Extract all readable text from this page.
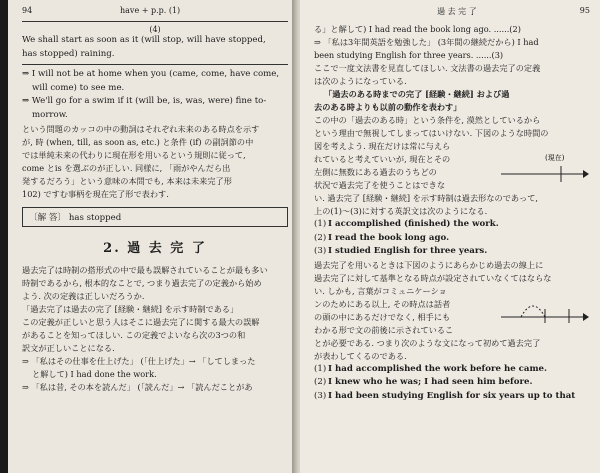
94	have + p.p. (1)
(4)
We shall start as soon as it (will stop, will have stopped,
has stopped) raining.
⇒ I will not be at home when you (came, come, have come,
will come) to see me.
⇒ We'll go for a swim if it (will be, is, was, were) fine to-
morrow.
という問題のカッコの中の動詞はそれぞれ未来のある時点を示す
が, 時 (when, till, as soon as, etc.) と条件 (if) の副詞節の中
では単純未来の代わりに現在形を用いるという規則に従って,
come とis を選ぶのが正しい. 同様に, 「雨がやんだら出
発するだろう」という意味の本問でも, 本来は未来完了形
102) ですむ事柄を現在完了形で表わす.
〔解 答〕 has stopped
2. 過 去 完 了
過去完了は時制の搭形式の中で最も誤解されていることが最も多い
時制であるから, 根本的なことで, つまり過去完了の定義から始め
よう. 次の定義は正しいだろうか.
「過去完了は過去の完了 [経験・継続] を示す時制である」
この定義が正しいと思う人はそこに過去完了に関する最大の誤解
があることを知ってほしい. この定義でよいなら次の3つの和
訳文が正しいことになる.
⇒ 「私はその仕事を仕上げた」 (「仕上げた」→ 「してしまった
と解して) I had done the work.
⇒ 「私は昔, その本を読んだ」 (「読んだ」→ 「読んだことがあ
過 去 完 了	95
る」と解して) I had read the book long ago. ......(2)
⇒ 「私は3年間英語を勉強した」 (3年間の継続だから) I had
been studying English for three years. ......(3)
ここで一度文法書を見直してほしい. 文法書の過去完了の定義
は次のようになっている.
「過去のある時までの完了 [経験・継続] および過
去のある時よりも以前の動作を表わす」
この中の「過去のある時」という条件を, 漠然としているから
という理由で無視してしまってはいけない. 下図のような時間の
図を考えよう. 現在だけは常に与えら
れていると考えていいが, 現在とその
左側に無数にある過去のうちどの
状況で過去完了を使うことはできな
い. 過去完了 [経験・継続] を示す時制は過去形なのであって,
上の(1)～(3)に対する英訳文は次のようになる.
(現在)
(1) I accomplished (finished) the work.
(2) I read the book long ago.
(3) I studied English for three years.
過去完了を用いるときは下図のようにあらかじめ過去の線上に
過去完了に対して基準となる時点が設定されていなくてはならな
い. しかも, 言葉がコミュニケーショ
ンのためにある以上, その時点は話者
の頭の中にあるだけでなく, 相手にも
わかる形で文の前後に示されているこ
とが必要である. つまり次のような文になって初めて過去完了
が表わしてくるのである.
(1) I had accomplished the work before he came.
(2) I knew who he was; I had seen him before.
(3) I had been studying English for six years up to that
